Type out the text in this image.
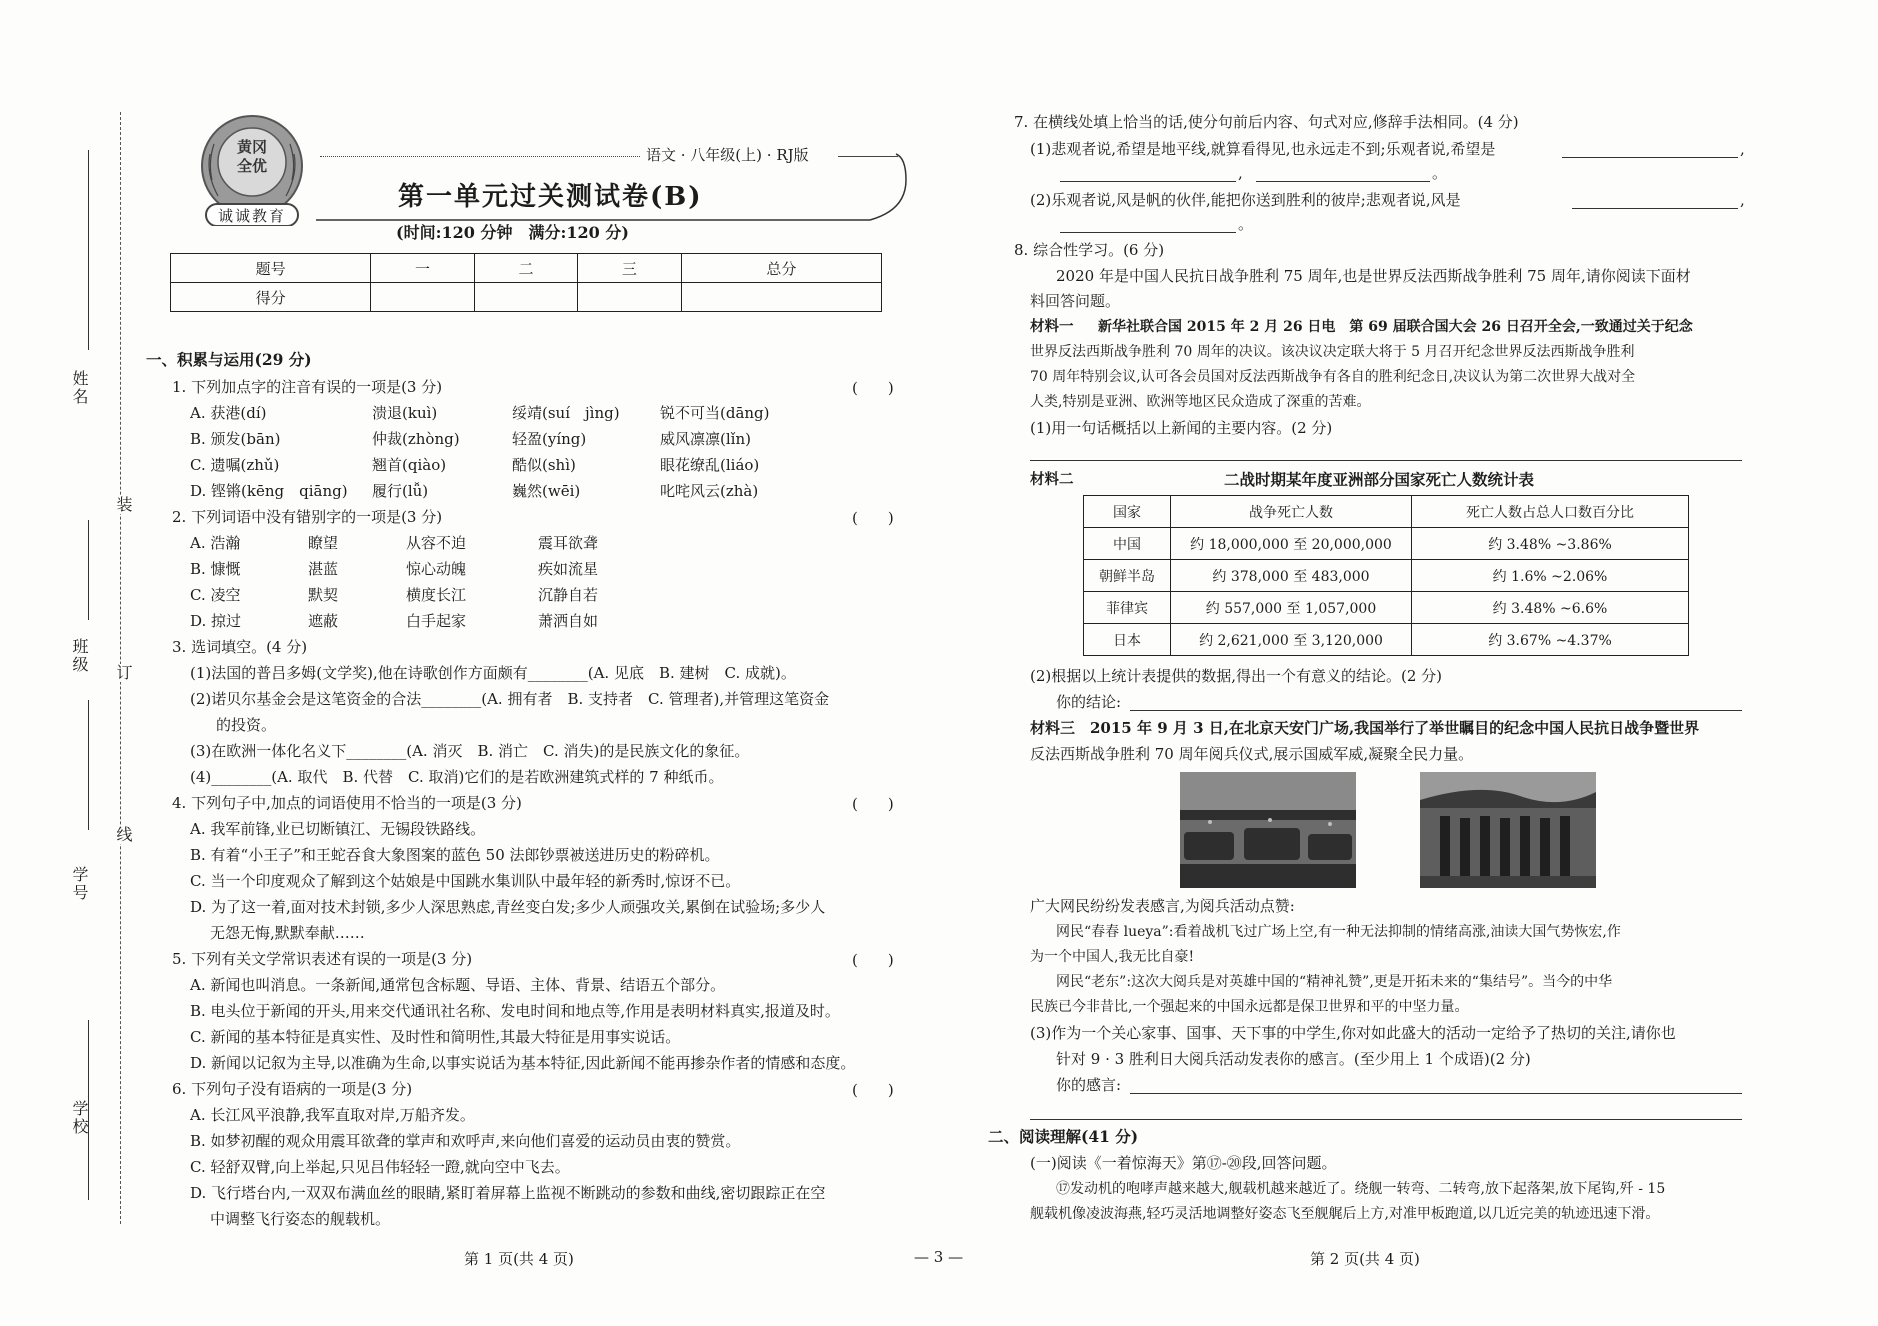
姓名
班级
学号
学校
装
订
线
黄冈全优
诚诚教育
语文 · 八年级(上) · RJ版
第一单元过关测试卷(B)
(时间:120 分钟　满分:120 分)
题号	一	二	三	总分
得分				
一、积累与运用(29 分)
1. 下列加点字的注音有误的一项是(3 分)	(　　)
A. 获港(dí)	溃退(kuì)	绥靖(suí　jìng)	锐不可当(dāng)
B. 颁发(bān)	仲裁(zhòng)	轻盈(yíng)	威风凛凛(lǐn)
C. 遗嘱(zhǔ)	翘首(qiào)	酷似(shì)	眼花缭乱(liáo)
D. 铿锵(kēng　qiāng) 履行(lǚ)	巍然(wēi)	叱咤风云(zhà)
2. 下列词语中没有错别字的一项是(3 分)	(　　)
A. 浩瀚	瞭望	从容不迫	震耳欲聋
B. 慷慨	湛蓝	惊心动魄	疾如流星
C. 凌空	默契	横度长江	沉静自若
D. 掠过	遮蔽	白手起家	萧洒自如
3. 选词填空。(4 分)
(1)法国的普吕多姆(文学奖),他在诗歌创作方面颇有________(A. 见底　B. 建树　C. 成就)。
(2)诺贝尔基金会是这笔资金的合法________(A. 拥有者　B. 支持者　C. 管理者),并管理这笔资金
的投资。
(3)在欧洲一体化名义下________(A. 消灭　B. 消亡　C. 消失)的是民族文化的象征。
(4)________(A. 取代　B. 代替　C. 取消)它们的是若欧洲建筑式样的 7 种纸币。
4. 下列句子中,加点的词语使用不恰当的一项是(3 分)	(　　)
A. 我军前锋,业已切断镇江、无锡段铁路线。
B. 有着“小王子”和王蛇吞食大象图案的蓝色 50 法郎钞票被送进历史的粉碎机。
C. 当一个印度观众了解到这个姑娘是中国跳水集训队中最年轻的新秀时,惊讶不已。
D. 为了这一着,面对技术封锁,多少人深思熟虑,青丝变白发;多少人顽强攻关,累倒在试验场;多少人
无怨无悔,默默奉献……
5. 下列有关文学常识表述有误的一项是(3 分)	(　　)
A. 新闻也叫消息。一条新闻,通常包含标题、导语、主体、背景、结语五个部分。
B. 电头位于新闻的开头,用来交代通讯社名称、发电时间和地点等,作用是表明材料真实,报道及时。
C. 新闻的基本特征是真实性、及时性和简明性,其最大特征是用事实说话。
D. 新闻以记叙为主导,以准确为生命,以事实说话为基本特征,因此新闻不能再掺杂作者的情感和态度。
6. 下列句子没有语病的一项是(3 分)	(　　)
A. 长江风平浪静,我军直取对岸,万船齐发。
B. 如梦初醒的观众用震耳欲聋的掌声和欢呼声,来向他们喜爱的运动员由衷的赞赏。
C. 轻舒双臂,向上举起,只见吕伟轻轻一蹬,就向空中飞去。
D. 飞行塔台内,一双双布满血丝的眼睛,紧盯着屏幕上监视不断跳动的参数和曲线,密切跟踪正在空
中调整飞行姿态的舰载机。
第 1 页(共 4 页)	— 3 —
7. 在横线处填上恰当的话,使分句前后内容、句式对应,修辞手法相同。(4 分)
(1)悲观者说,希望是地平线,就算看得见,也永远走不到;乐观者说,希望是	,
,	。
(2)乐观者说,风是帆的伙伴,能把你送到胜利的彼岸;悲观者说,风是	,
。
8. 综合性学习。(6 分)
2020 年是中国人民抗日战争胜利 75 周年,也是世界反法西斯战争胜利 75 周年,请你阅读下面材
料回答问题。
材料一 新华社联合国 2015 年 2 月 26 日电　第 69 届联合国大会 26 日召开全会,一致通过关于纪念
世界反法西斯战争胜利 70 周年的决议。该决议决定联大将于 5 月召开纪念世界反法西斯战争胜利
70 周年特别会议,认可各会员国对反法西斯战争有各自的胜利纪念日,决议认为第二次世界大战对全
人类,特别是亚洲、欧洲等地区民众造成了深重的苦难。
(1)用一句话概括以上新闻的主要内容。(2 分)
材料二	二战时期某年度亚洲部分国家死亡人数统计表
国家	战争死亡人数	死亡人数占总人口数百分比
中国	约 18,000,000 至 20,000,000	约 3.48% ~3.86%
朝鲜半岛	约 378,000 至 483,000	约 1.6% ~2.06%
菲律宾	约 557,000 至 1,057,000	约 3.48% ~6.6%
日本	约 2,621,000 至 3,120,000	约 3.67% ~4.37%
(2)根据以上统计表提供的数据,得出一个有意义的结论。(2 分)
你的结论:
材料三　2015 年 9 月 3 日,在北京天安门广场,我国举行了举世瞩目的纪念中国人民抗日战争暨世界
反法西斯战争胜利 70 周年阅兵仪式,展示国威军威,凝聚全民力量。
广大网民纷纷发表感言,为阅兵活动点赞:
网民“春春 lueya”:看着战机飞过广场上空,有一种无法抑制的情绪高涨,油读大国气势恢宏,作
为一个中国人,我无比自豪!
网民“老东”:这次大阅兵是对英雄中国的“精神礼赞”,更是开拓未来的“集结号”。当今的中华
民族已今非昔比,一个强起来的中国永远都是保卫世界和平的中坚力量。
(3)作为一个关心家事、国事、天下事的中学生,你对如此盛大的活动一定给予了热切的关注,请你也
针对 9 · 3 胜利日大阅兵活动发表你的感言。(至少用上 1 个成语)(2 分)
你的感言:
二、阅读理解(41 分)
(一)阅读《一着惊海天》第⑰-⑳段,回答问题。
⑰发动机的咆哮声越来越大,舰载机越来越近了。绕舰一转弯、二转弯,放下起落架,放下尾钩,歼 - 15
舰载机像凌波海燕,轻巧灵活地调整好姿态飞至舰艉后上方,对准甲板跑道,以几近完美的轨迹迅速下滑。
第 2 页(共 4 页)
